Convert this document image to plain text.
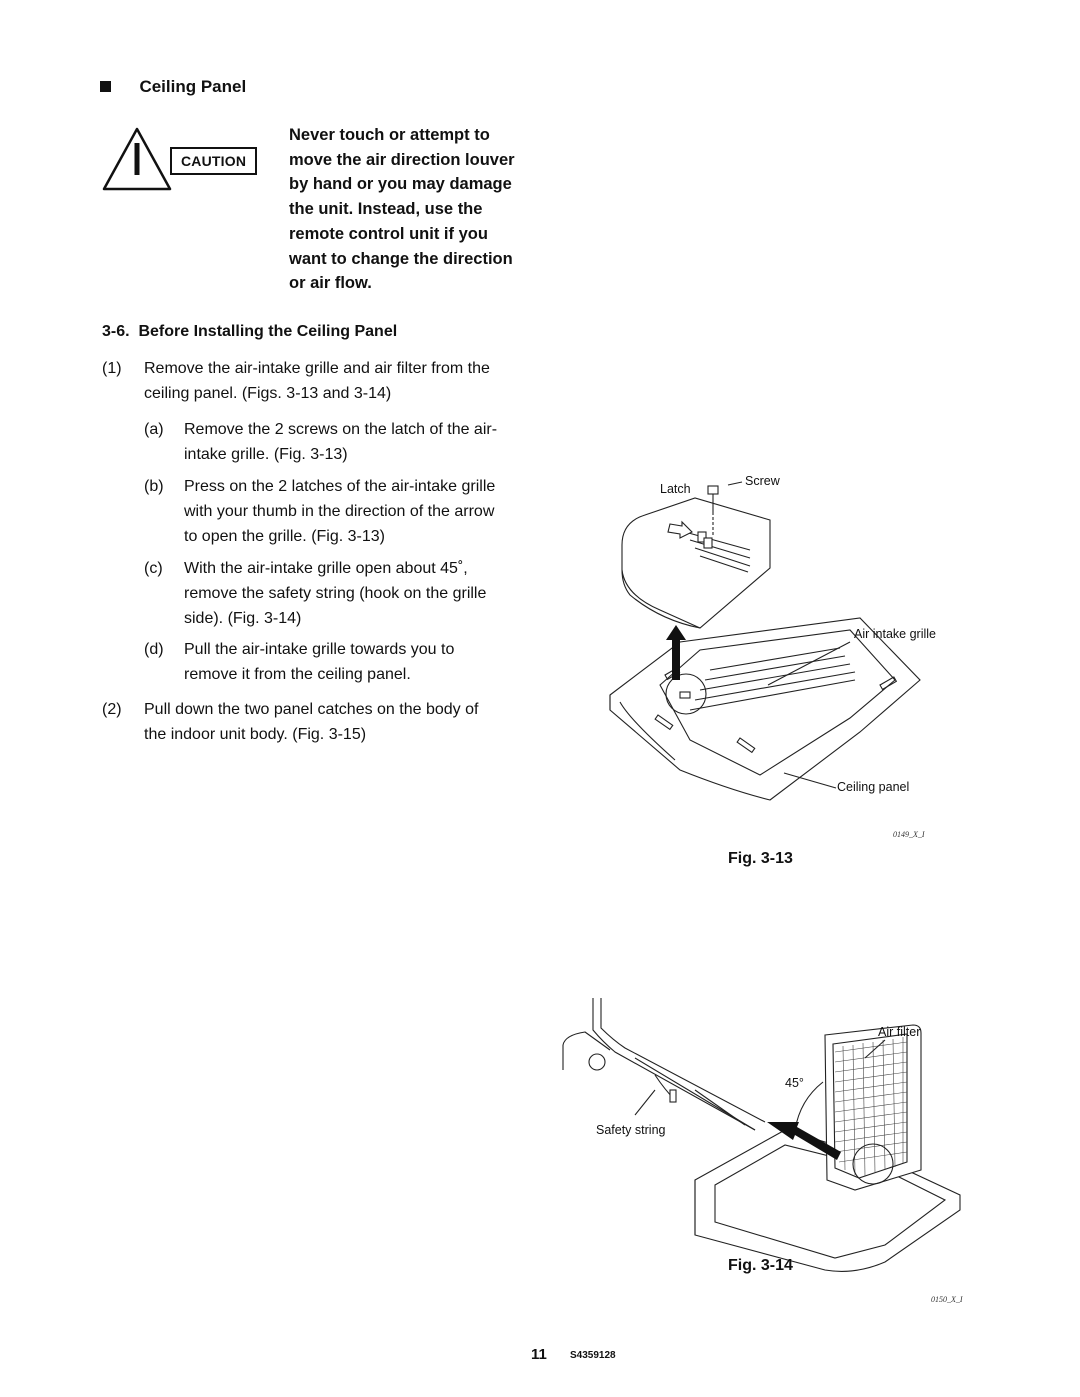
Ceiling Panel
CAUTION
Never touch or attempt to
move the air direction louver
by hand or you may damage
the unit. Instead, use the
remote control unit if you
want to change the direction
or air flow.
3-6.  Before Installing the Ceiling Panel
(1) Remove the air-intake grille and air filter from the
ceiling panel. (Figs. 3-13 and 3-14)
(a) Remove the 2 screws on the latch of the air-
intake grille. (Fig. 3-13)
(b) Press on the 2 latches of the air-intake grille
with your thumb in the direction of the arrow
to open the grille. (Fig. 3-13)
(c) With the air-intake grille open about 45˚,
remove the safety string (hook on the grille
side). (Fig. 3-14)
(d) Pull the air-intake grille towards you to
remove it from the ceiling panel.
(2) Pull down the two panel catches on the body of
the indoor unit body. (Fig. 3-15)
Latch
Screw
Air intake grille
Ceiling panel
0149_X_I
Fig. 3-13
Air filter
45°
Safety string
Fig. 3-14
0150_X_I
11 S4359128
